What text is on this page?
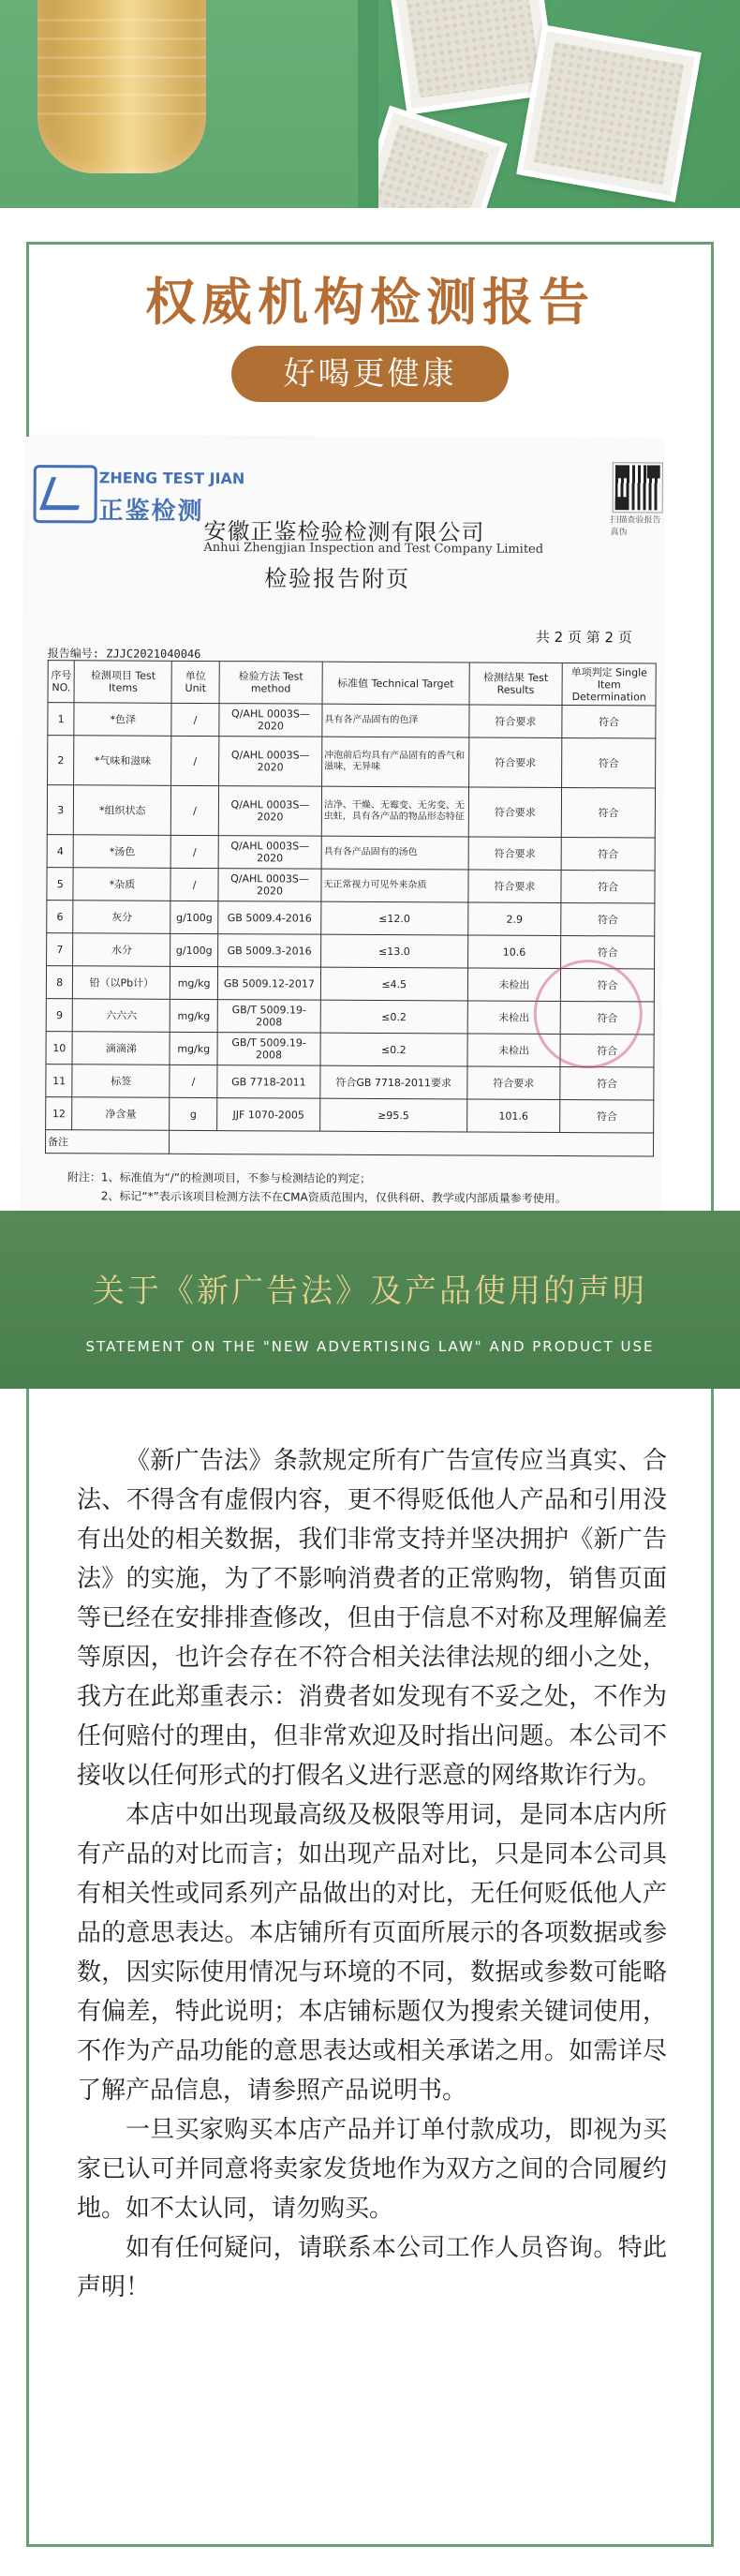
权威机构检测报告
好喝更健康
ZHENG TEST JIAN
正鉴检测
安徽正鉴检验检测有限公司
Anhui Zhengjian Inspection and Test Company Limited
检验报告附页
扫描查验报告真伪
共 2 页 第 2 页
报告编号: ZJJC2021040046
序号 NO.	检测项目 Test Items	单位 Unit	检验方法 Test method	标准值 Technical Target	检测结果 Test Results	单项判定 Single Item Determination
1	*色泽	/	Q/AHL 0003S—2020	具有各产品固有的色泽	符合要求	符合
2	*气味和滋味	/	Q/AHL 0003S—2020	冲泡前后均具有产品固有的香气和滋味，无异味	符合要求	符合
3	*组织状态	/	Q/AHL 0003S—2020	洁净、干燥、无霉变、无劣变、无虫蛀，具有各产品的物品形态特征	符合要求	符合
4	*汤色	/	Q/AHL 0003S—2020	具有各产品固有的汤色	符合要求	符合
5	*杂质	/	Q/AHL 0003S—2020	无正常视力可见外来杂质	符合要求	符合
6	灰分	g/100g	GB 5009.4-2016	≤12.0	2.9	符合
7	水分	g/100g	GB 5009.3-2016	≤13.0	10.6	符合
8	铅（以Pb计）	mg/kg	GB 5009.12-2017	≤4.5	未检出	符合
9	六六六	mg/kg	GB/T 5009.19-2008	≤0.2	未检出	符合
10	滴滴涕	mg/kg	GB/T 5009.19-2008	≤0.2	未检出	符合
11	标签	/	GB 7718-2011	符合GB 7718-2011要求	符合要求	符合
12	净含量	g	JJF 1070-2005	≥95.5	101.6	符合
备注						
附注：1、标准值为“/”的检测项目，不参与检测结论的判定；
2、标记“*”表示该项目检测方法不在CMA资质范围内，仅供科研、教学或内部质量参考使用。
关于《新广告法》及产品使用的声明
STATEMENT ON THE "NEW ADVERTISING LAW" AND PRODUCT USE

《新广告法》条款规定所有广告宣传应当真实、合法、不得含有虚假内容，更不得贬低他人产品和引用没有出处的相关数据，我们非常支持并坚决拥护《新广告法》的实施，为了不影响消费者的正常购物，销售页面等已经在安排排查修改，但由于信息不对称及理解偏差等原因，也许会存在不符合相关法律法规的细小之处，我方在此郑重表示：消费者如发现有不妥之处，不作为任何赔付的理由，但非常欢迎及时指出问题。本公司不接收以任何形式的打假名义进行恶意的网络欺诈行为。

本店中如出现最高级及极限等用词，是同本店内所有产品的对比而言；如出现产品对比，只是同本公司具有相关性或同系列产品做出的对比，无任何贬低他人产品的意思表达。本店铺所有页面所展示的各项数据或参数，因实际使用情况与环境的不同，数据或参数可能略有偏差，特此说明；本店铺标题仅为搜索关键词使用，不作为产品功能的意思表达或相关承诺之用。如需详尽了解产品信息，请参照产品说明书。

一旦买家购买本店产品并订单付款成功，即视为买家已认可并同意将卖家发货地作为双方之间的合同履约地。如不太认同，请勿购买。

如有任何疑问，请联系本公司工作人员咨询。特此声明！
